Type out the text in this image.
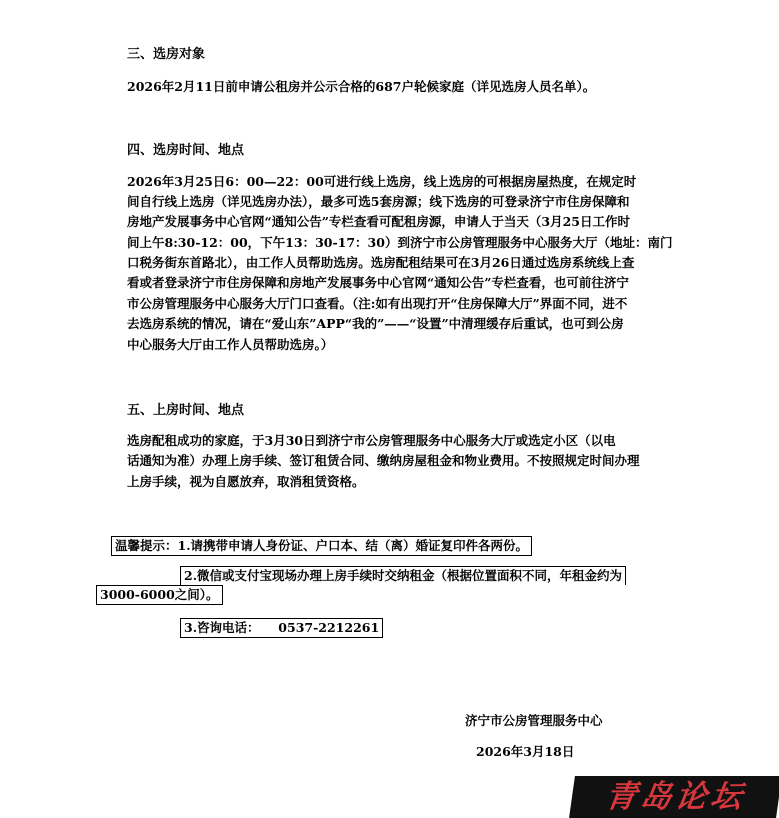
三、选房对象
2026年2月11日前申请公租房并公示合格的687户轮候家庭（详见选房人员名单）。
四、选房时间、地点
2026年3月25日6：00—22：00可进行线上选房，线上选房的可根据房屋热度，在规定时
间自行线上选房（详见选房办法），最多可选5套房源；线下选房的可登录济宁市住房保障和
房地产发展事务中心官网“通知公告”专栏查看可配租房源，申请人于当天（3月25日工作时
间上午8:30-12：00，下午13：30-17：30）到济宁市公房管理服务中心服务大厅（地址：南门
口税务街东首路北），由工作人员帮助选房。选房配租结果可在3月26日通过选房系统线上查
看或者登录济宁市住房保障和房地产发展事务中心官网“通知公告”专栏查看，也可前往济宁
市公房管理服务中心服务大厅门口查看。（注:如有出现打开“住房保障大厅”界面不同，进不
去选房系统的情况，请在“爱山东”APP“我的”——“设置”中清理缓存后重试，也可到公房
中心服务大厅由工作人员帮助选房。）
五、上房时间、地点
选房配租成功的家庭，于3月30日到济宁市公房管理服务中心服务大厅或选定小区（以电
话通知为准）办理上房手续、签订租赁合同、缴纳房屋租金和物业费用。不按照规定时间办理
上房手续，视为自愿放弃，取消租赁资格。
温馨提示：1.请携带申请人身份证、户口本、结（离）婚证复印件各两份。
2.微信或支付宝现场办理上房手续时交纳租金（根据位置面积不同，年租金约为
3000-6000之间）。
3.咨询电话：　　0537-2212261
济宁市公房管理服务中心
2026年3月18日
青岛论坛
